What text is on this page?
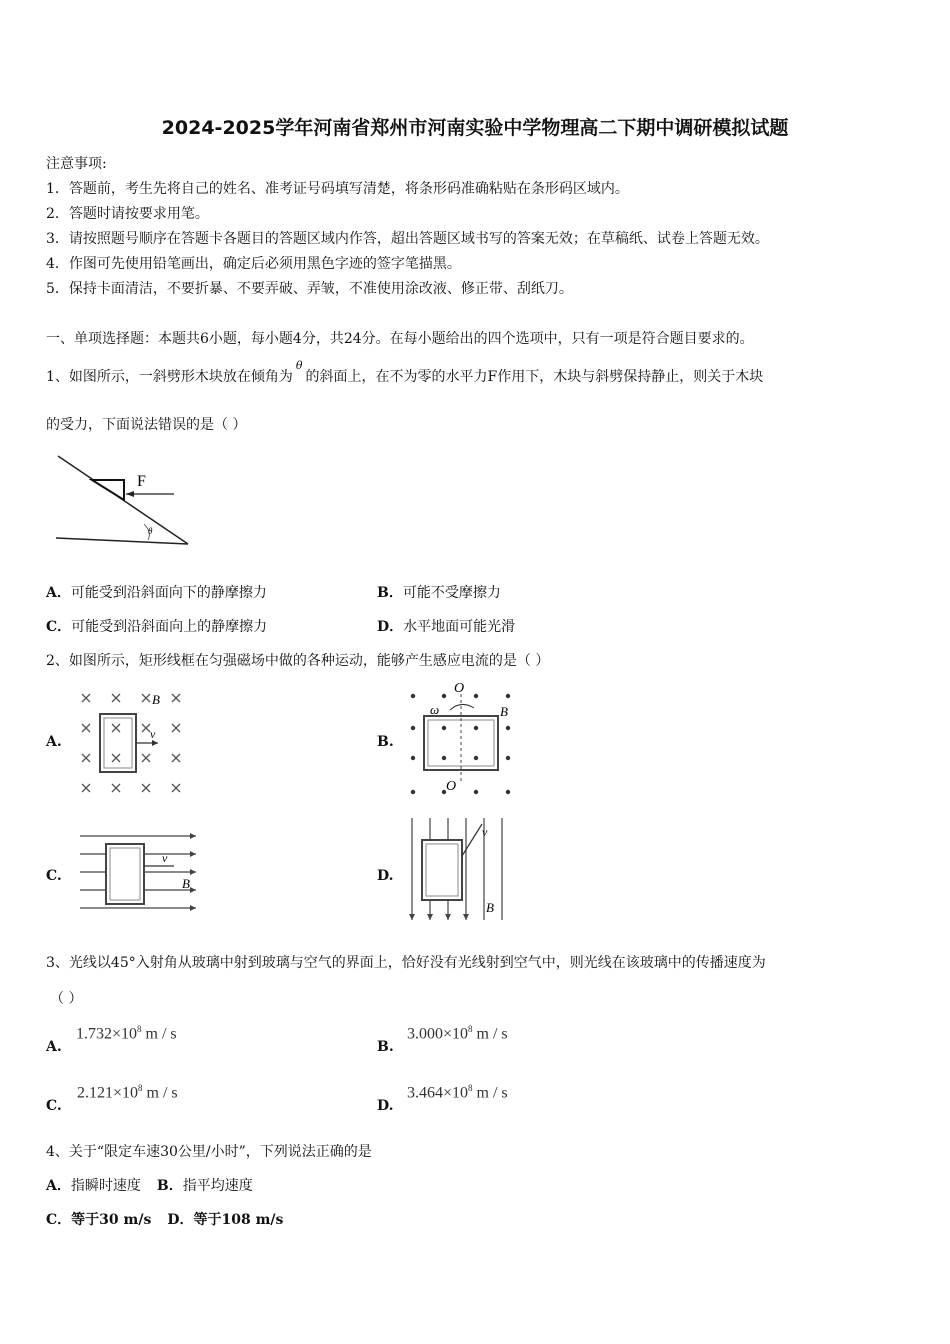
2024-2025学年河南省郑州市河南实验中学物理高二下期中调研模拟试题
注意事项:
1．答题前，考生先将自己的姓名、准考证号码填写清楚，将条形码准确粘贴在条形码区域内。
2．答题时请按要求用笔。
3．请按照题号顺序在答题卡各题目的答题区域内作答，超出答题区域书写的答案无效；在草稿纸、试卷上答题无效。
4．作图可先使用铅笔画出，确定后必须用黑色字迹的签字笔描黑。
5．保持卡面清洁，不要折暴、不要弄破、弄皱，不准使用涂改液、修正带、刮纸刀。
一、单项选择题：本题共6小题，每小题4分，共24分。在每小题给出的四个选项中，只有一项是符合题目要求的。
1、如图所示，一斜劈形木块放在倾角为$^\theta$的斜面上，在不为零的水平力F作用下，木块与斜劈保持静止，则关于木块
的受力，下面说法错误的是（ ）
F
θ
A．可能受到沿斜面向下的静摩擦力	B．可能不受摩擦力
C．可能受到沿斜面向上的静摩擦力	D．水平地面可能光滑
2、如图所示，矩形线框在匀强磁场中做的各种运动，能够产生感应电流的是（ ）
A.	v
B
B.
O
O
ω	B
C.
v
B	D.
v
B
3、光线以45°入射角从玻璃中射到玻璃与空气的界面上，恰好没有光线射到空气中，则光线在该玻璃中的传播速度为
（ ）
A.
$1.732\times 10^8$ m / s
B.
$3.000\times 10^8$ m / s
C.
$2.121\times 10^8$ m / s
D.
$3.464\times 10^8$ m / s
4、关于“限定车速30公里/小时”，下列说法正确的是
A．指瞬时速度 B．指平均速度
C．等于30 m/s D．等于108 m/s
